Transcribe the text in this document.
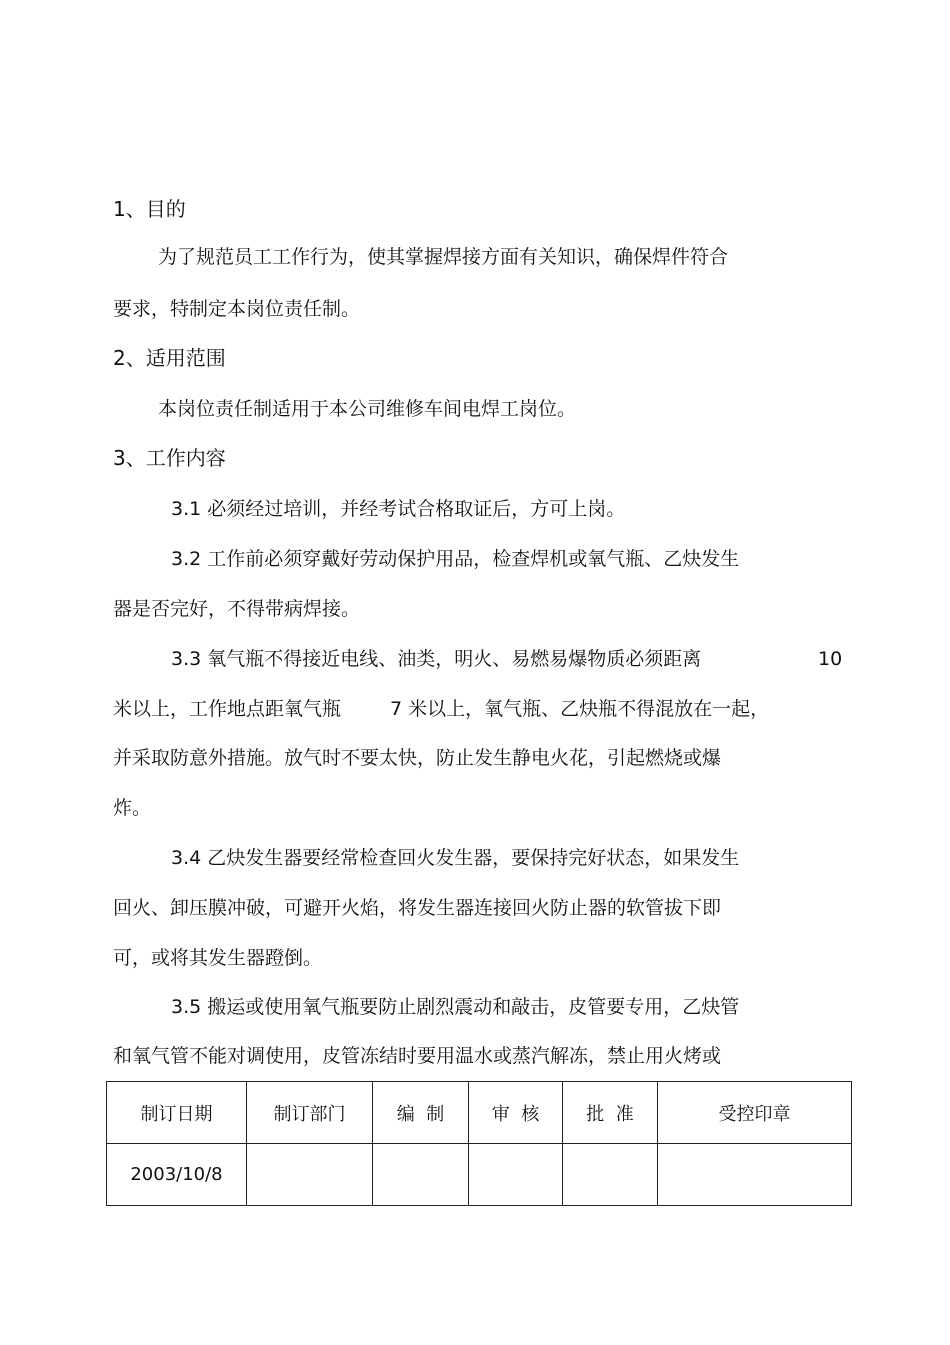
1、目的
为了规范员工工作行为，使其掌握焊接方面有关知识，确保焊件符合
要求，特制定本岗位责任制。
2、适用范围
本岗位责任制适用于本公司维修车间电焊工岗位。
3、工作内容
3.1 必须经过培训，并经考试合格取证后，方可上岗。
3.2 工作前必须穿戴好劳动保护用品，检查焊机或氧气瓶、乙炔发生
器是否完好，不得带病焊接。
3.3 氧气瓶不得接近电线、油类，明火、易燃易爆物质必须距离	10
米以上，工作地点距氧气瓶	7 米以上，氧气瓶、乙炔瓶不得混放在一起，
并采取防意外措施。放气时不要太快，防止发生静电火花，引起燃烧或爆
炸。
3.4 乙炔发生器要经常检查回火发生器，要保持完好状态，如果发生
回火、卸压膜冲破，可避开火焰，将发生器连接回火防止器的软管拔下即
可，或将其发生器蹬倒。
3.5 搬运或使用氧气瓶要防止剧烈震动和敲击，皮管要专用，乙炔管
和氧气管不能对调使用，皮管冻结时要用温水或蒸汽解冻，禁止用火烤或
制订日期	制订部门	编  制	审  核	批  准	受控印章
2003/10/8					
